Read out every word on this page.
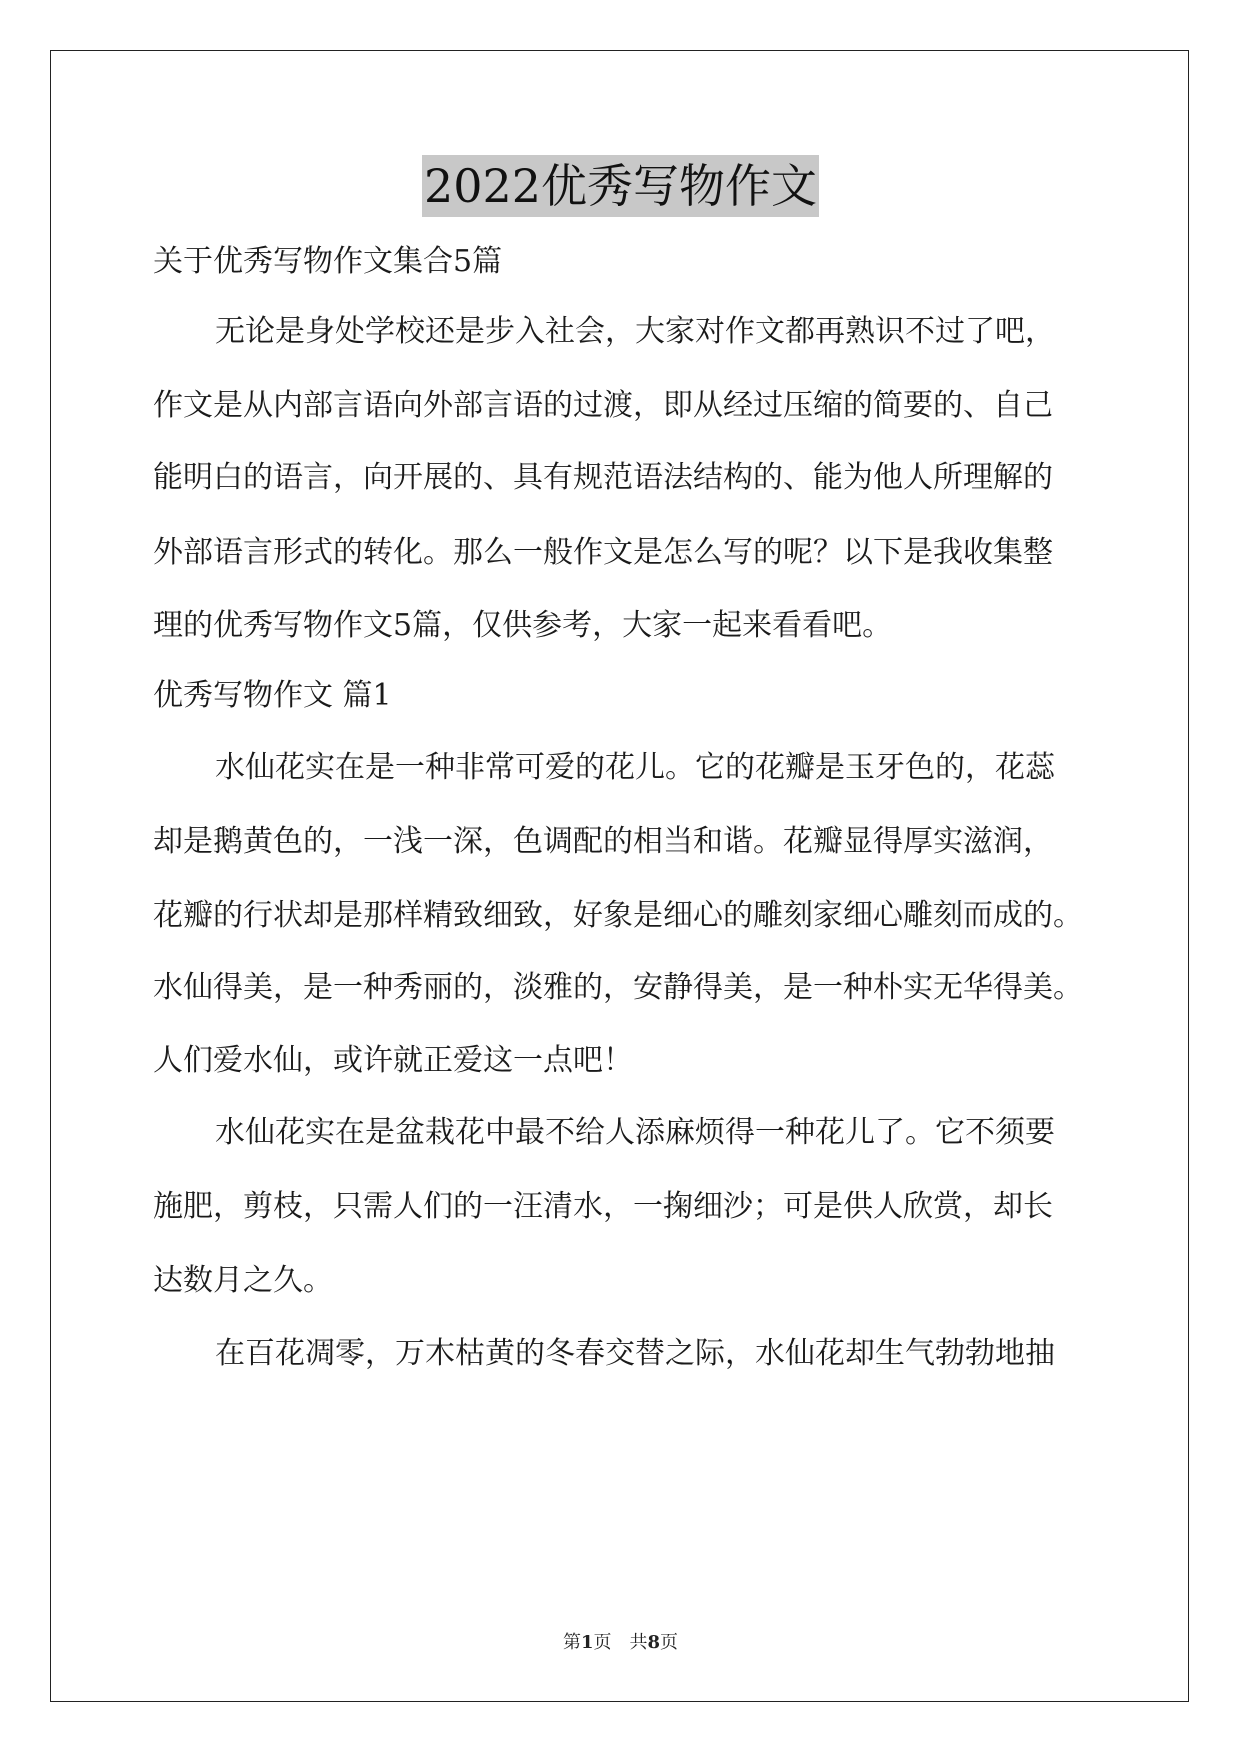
2022优秀写物作文
关于优秀写物作文集合5篇
无论是身处学校还是步入社会，大家对作文都再熟识不过了吧，
作文是从内部言语向外部言语的过渡，即从经过压缩的简要的、自己
能明白的语言，向开展的、具有规范语法结构的、能为他人所理解的
外部语言形式的转化。那么一般作文是怎么写的呢？以下是我收集整
理的优秀写物作文5篇，仅供参考，大家一起来看看吧。
优秀写物作文 篇1
水仙花实在是一种非常可爱的花儿。它的花瓣是玉牙色的，花蕊
却是鹅黄色的，一浅一深，色调配的相当和谐。花瓣显得厚实滋润，
花瓣的行状却是那样精致细致，好象是细心的雕刻家细心雕刻而成的。
水仙得美，是一种秀丽的，淡雅的，安静得美，是一种朴实无华得美。
人们爱水仙，或许就正爱这一点吧！
水仙花实在是盆栽花中最不给人添麻烦得一种花儿了。它不须要
施肥，剪枝，只需人们的一汪清水，一掬细沙；可是供人欣赏，却长
达数月之久。
在百花凋零，万木枯黄的冬春交替之际，水仙花却生气勃勃地抽
第1页　共8页
